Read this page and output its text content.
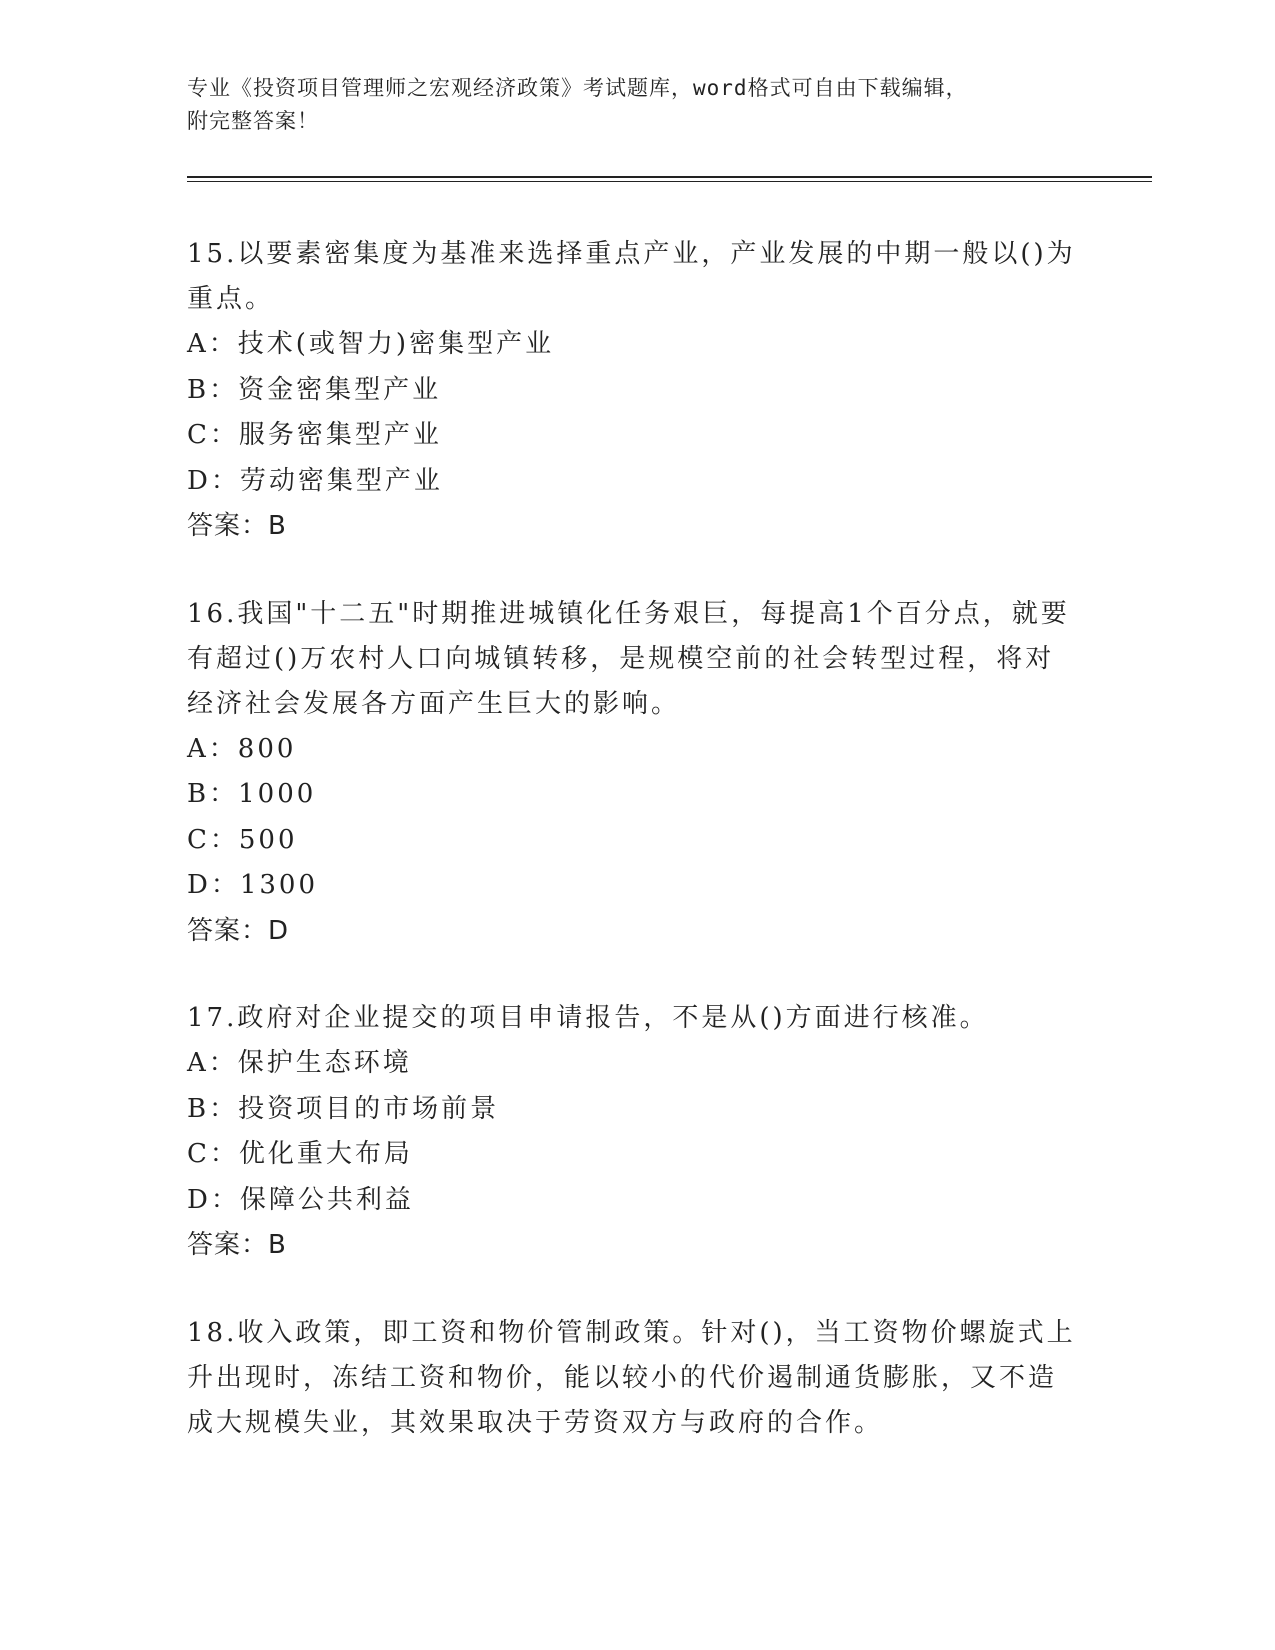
专业《投资项目管理师之宏观经济政策》考试题库，word格式可自由下载编辑，
附完整答案！

15.以要素密集度为基准来选择重点产业，产业发展的中期一般以()为

重点。

A：技术(或智力)密集型产业

B：资金密集型产业

C：服务密集型产业

D：劳动密集型产业

答案：B

16.我国"十二五"时期推进城镇化任务艰巨，每提高1个百分点，就要

有超过()万农村人口向城镇转移，是规模空前的社会转型过程，将对

经济社会发展各方面产生巨大的影响。

A：800

B：1000

C：500

D：1300

答案：D

17.政府对企业提交的项目申请报告，不是从()方面进行核准。

A：保护生态环境

B：投资项目的市场前景

C：优化重大布局

D：保障公共利益

答案：B

18.收入政策，即工资和物价管制政策。针对()，当工资物价螺旋式上

升出现时，冻结工资和物价，能以较小的代价遏制通货膨胀，又不造

成大规模失业，其效果取决于劳资双方与政府的合作。
